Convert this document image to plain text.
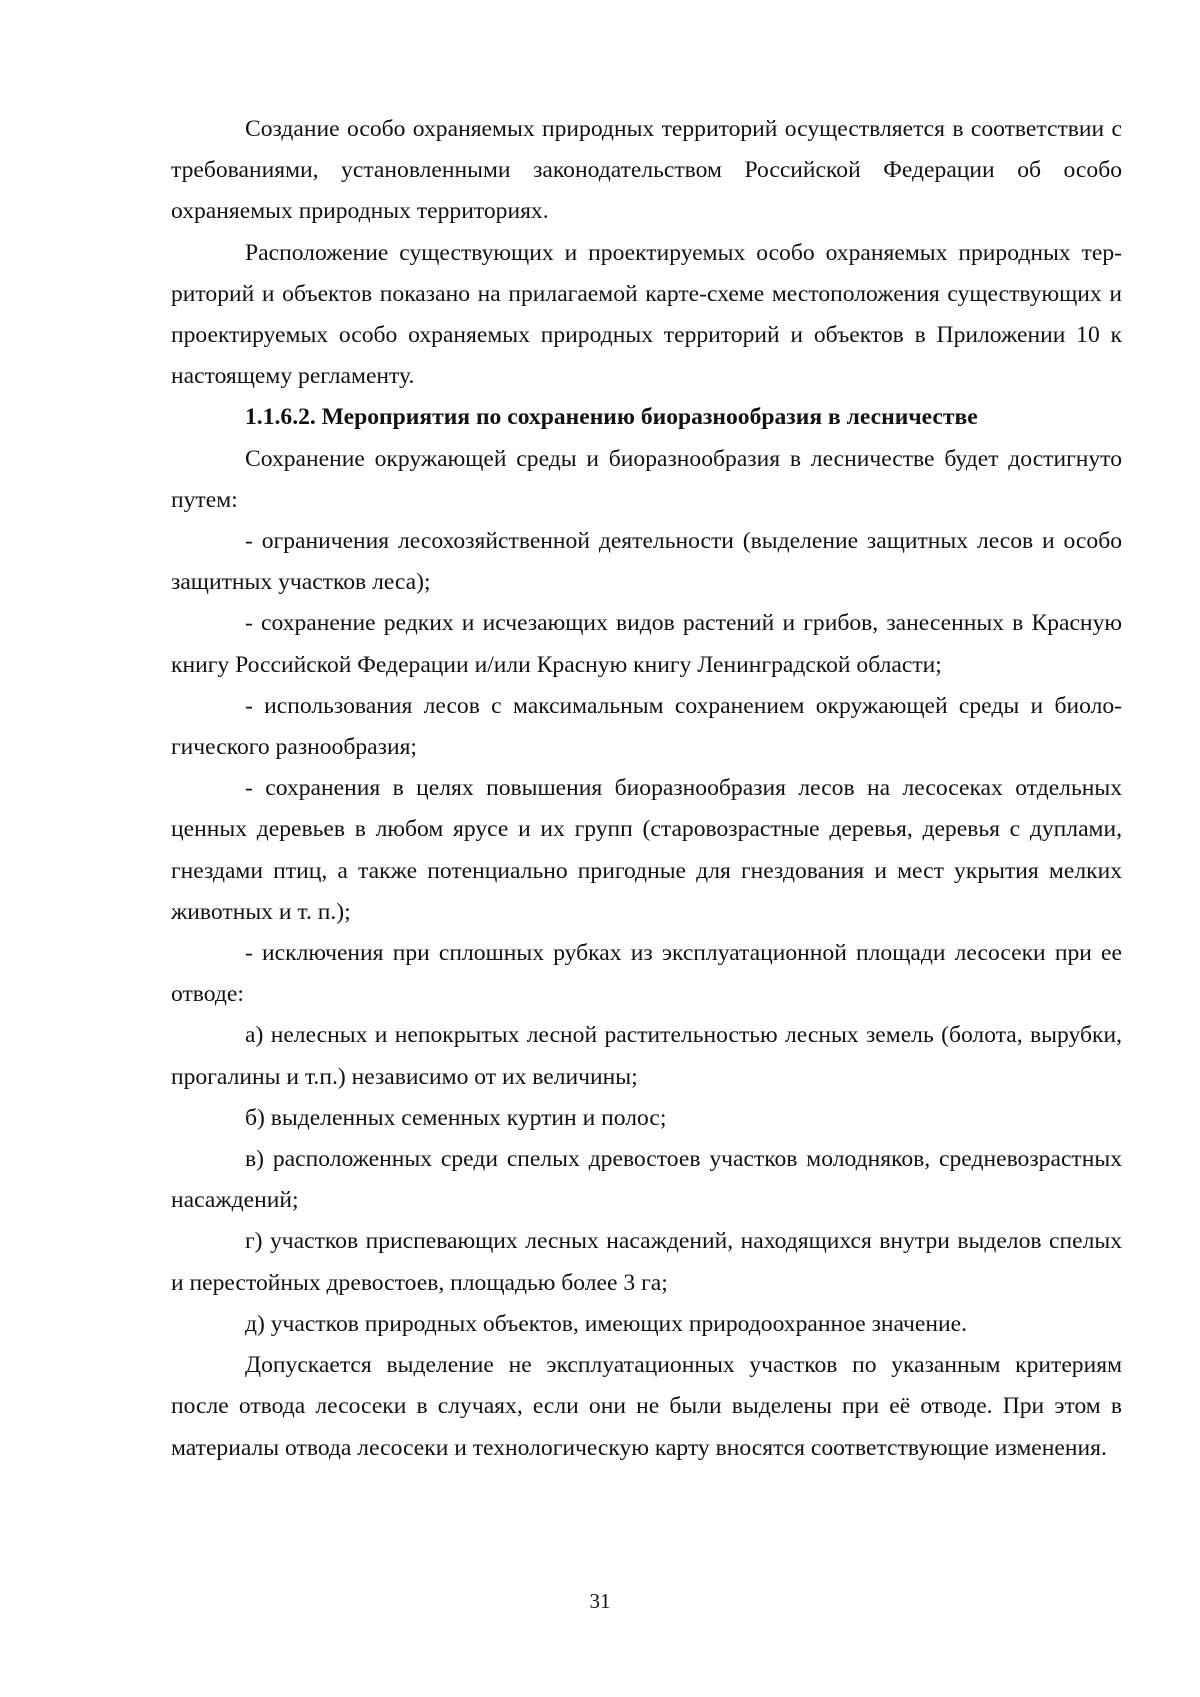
Создание особо охраняемых природных территорий осуществляется в соответствии с требованиями, установленными законодательством Российской Федерации об особо охраняемых природных территориях.

Расположение существующих и проектируемых особо охраняемых природных территорий и объектов показано на прилагаемой карте-схеме местоположения существующих и проектируемых особо охраняемых природных территорий и объектов в Приложении 10 к настоящему регламенту.

1.1.6.2. Мероприятия по сохранению биоразнообразия в лесничестве

Сохранение окружающей среды и биоразнообразия в лесничестве будет достигнуто путем:

- ограничения лесохозяйственной деятельности (выделение защитных лесов и особо защитных участков леса);

- сохранение редких и исчезающих видов растений и грибов, занесенных в Красную книгу Российской Федерации и/или Красную книгу Ленинградской области;

- использования лесов с максимальным сохранением окружающей среды и биологического разнообразия;

- сохранения в целях повышения биоразнообразия лесов на лесосеках отдельных ценных деревьев в любом ярусе и их групп (старовозрастные деревья, деревья с дуплами, гнездами птиц, а также потенциально пригодные для гнездования и мест укрытия мелких животных и т. п.);

- исключения при сплошных рубках из эксплуатационной площади лесосеки при ее отводе:

а) нелесных и непокрытых лесной растительностью лесных земель (болота, вырубки, прогалины и т.п.) независимо от их величины;

б) выделенных семенных куртин и полос;

в) расположенных среди спелых древостоев участков молодняков, средневозрастных насаждений;

г) участков приспевающих лесных насаждений, находящихся внутри выделов спелых и перестойных древостоев, площадью более 3 га;

д) участков природных объектов, имеющих природоохранное значение.

Допускается выделение не эксплуатационных участков по указанным критериям после отвода лесосеки в случаях, если они не были выделены при её отводе. При этом в материалы отвода лесосеки и технологическую карту вносятся соответствующие изменения.

31
